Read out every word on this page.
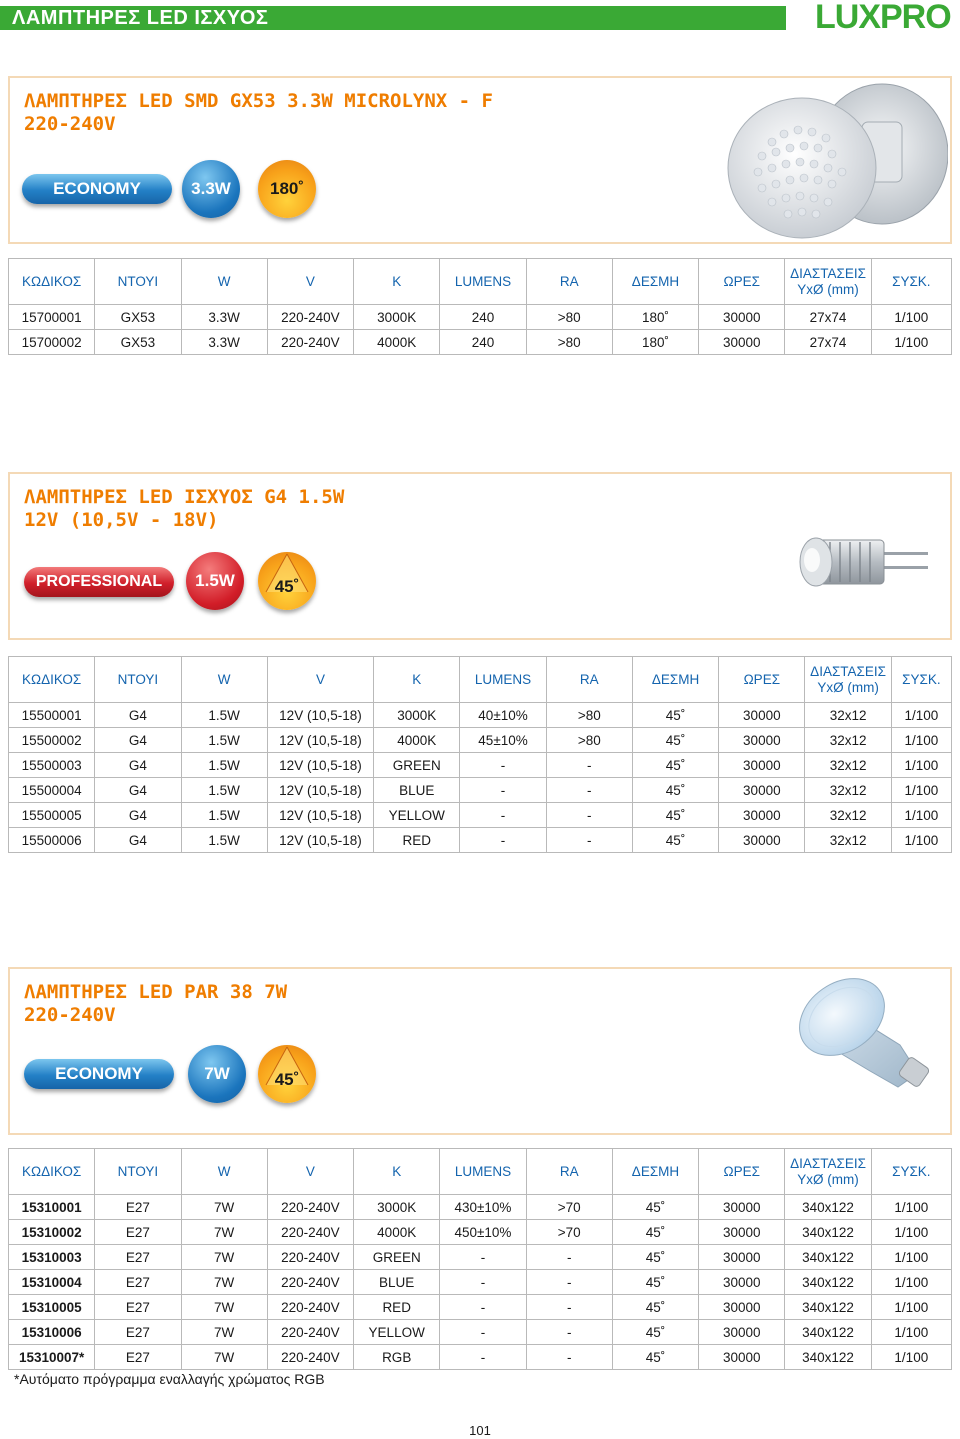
ΛΑΜΠΤΗΡΕΣ LED ΙΣΧΥΟΣ	LUXPRO
ΛΑΜΠΤΗΡΕΣ LED SMD GX53 3.3W MICROLYNX - F
220-240V
ECONOMY	3.3W	180˚
ΚΩΔΙΚΟΣ	ΝΤΟΥΙ	W	V	K	LUMENS	RA	ΔΕΣΜΗ	ΩΡΕΣ	ΔΙΑΣΤΑΣΕΙΣ
ΥxØ (mm)	ΣΥΣΚ.
15700001	GX53	3.3W	220-240V	3000K	240	>80	180˚	30000	27x74	1/100
15700002	GX53	3.3W	220-240V	4000K	240	>80	180˚	30000	27x74	1/100
ΛΑΜΠΤΗΡΕΣ LED ΙΣΧΥΟΣ G4 1.5W
12V (10,5V - 18V)
PROFESSIONAL	1.5W	45˚
ΚΩΔΙΚΟΣ	ΝΤΟΥΙ	W	V	K	LUMENS	RA	ΔΕΣΜΗ	ΩΡΕΣ	ΔΙΑΣΤΑΣΕΙΣ
ΥxØ (mm)	ΣΥΣΚ.
15500001	G4	1.5W	12V (10,5-18)	3000K	40±10%	>80	45˚	30000	32x12	1/100
15500002	G4	1.5W	12V (10,5-18)	4000K	45±10%	>80	45˚	30000	32x12	1/100
15500003	G4	1.5W	12V (10,5-18)	GREEN	-	-	45˚	30000	32x12	1/100
15500004	G4	1.5W	12V (10,5-18)	BLUE	-	-	45˚	30000	32x12	1/100
15500005	G4	1.5W	12V (10,5-18)	YELLOW	-	-	45˚	30000	32x12	1/100
15500006	G4	1.5W	12V (10,5-18)	RED	-	-	45˚	30000	32x12	1/100
ΛΑΜΠΤΗΡΕΣ LED PAR 38 7W
220-240V
ECONOMY	7W	45˚
ΚΩΔΙΚΟΣ	ΝΤΟΥΙ	W	V	K	LUMENS	RA	ΔΕΣΜΗ	ΩΡΕΣ	ΔΙΑΣΤΑΣΕΙΣ
ΥxØ (mm)	ΣΥΣΚ.
15310001	E27	7W	220-240V	3000K	430±10%	>70	45˚	30000	340x122	1/100
15310002	E27	7W	220-240V	4000K	450±10%	>70	45˚	30000	340x122	1/100
15310003	E27	7W	220-240V	GREEN	-	-	45˚	30000	340x122	1/100
15310004	E27	7W	220-240V	BLUE	-	-	45˚	30000	340x122	1/100
15310005	E27	7W	220-240V	RED	-	-	45˚	30000	340x122	1/100
15310006	E27	7W	220-240V	YELLOW	-	-	45˚	30000	340x122	1/100
15310007*	E27	7W	220-240V	RGB	-	-	45˚	30000	340x122	1/100
*Αυτόματο πρόγραμμα εναλλαγής χρώματος RGB
101
